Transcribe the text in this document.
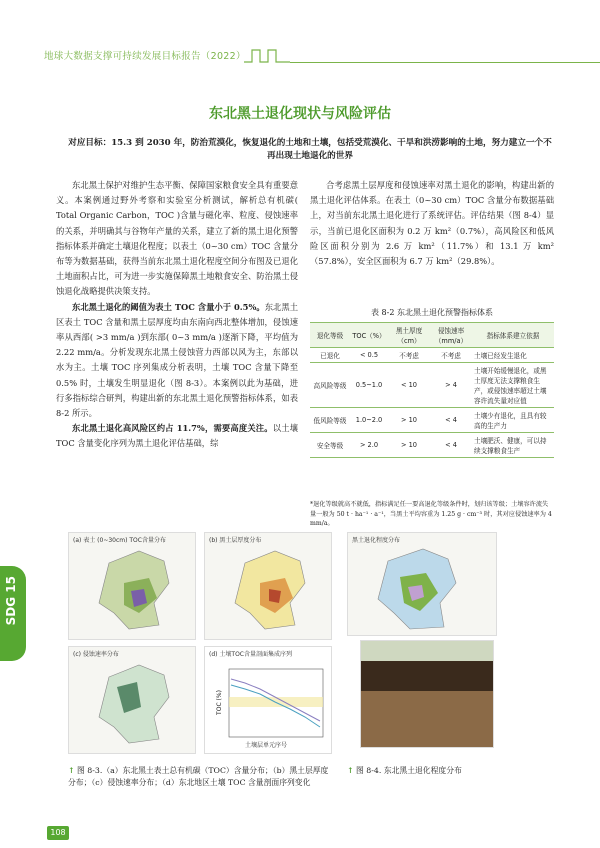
地球大数据支撑可持续发展目标报告（2022）
东北黑土退化现状与风险评估
对应目标：15.3 到 2030 年，防治荒漠化，恢复退化的土地和土壤，包括受荒漠化、干旱和洪涝影响的土地，努力建立一个不再出现土地退化的世界

东北黑土保护对维护生态平衡、保障国家粮食安全具有重要意义。本案例通过野外考察和实验室分析测试，解析总有机碳( Total Organic Carbon，TOC )含量与磁化率、粒度、侵蚀速率的关系，并明确其与谷物年产量的关系，建立了新的黑土退化预警指标体系并确定土壤退化程度；以表土（0~30 cm）TOC 含量分布等为数据基础，获得当前东北黑土退化程度空间分布图及已退化土地面积占比，可为进一步实施保障黑土地粮食安全、防治黑土侵蚀退化战略提供决策支持。

东北黑土退化的阈值为表土 TOC 含量小于 0.5%。东北黑土区表土 TOC 含量和黑土层厚度均由东南向西北整体增加，侵蚀速率从西部( >3 mm/a )到东部( 0~3 mm/a )逐渐下降，平均值为 2.22 mm/a。分析发现东北黑土侵蚀营力西部以风为主，东部以水为主。土壤 TOC 序列集成分析表明，土壤 TOC 含量下降至 0.5% 时，土壤发生明显退化（图 8-3）。本案例以此为基础，进行多指标综合研判，构建出新的东北黑土退化预警指标体系，如表 8-2 所示。

东北黑土退化高风险区约占 11.7%，需要高度关注。以土壤 TOC 含量变化序列为黑土退化评估基础，综

合考虑黑土层厚度和侵蚀速率对黑土退化的影响，构建出新的黑土退化评估体系。在表土（0~30 cm）TOC 含量分布数据基础上，对当前东北黑土退化进行了系统评估。评估结果（图 8-4）显示，当前已退化区面积为 0.2 万 km²（0.7%），高风险区和低风险区面积分别为 2.6 万 km²（11.7%）和 13.1 万 km²（57.8%），安全区面积为 6.7 万 km²（29.8%）。

表 8-2 东北黑土退化预警指标体系
退化等级	TOC（%）	黑土厚度（cm）	侵蚀速率（mm/a）	指标体系建立依据
已退化	< 0.5	不考虑	不考虑	土壤已经发生退化
高风险等级	0.5~1.0	< 10	> 4	土壤开始缓慢退化，或黑土厚度无法支撑粮食生产，或侵蚀速率超过土壤容许流失量对应值
低风险等级	1.0~2.0	> 10	< 4	土壤少有退化，且具有较高的生产力
安全等级	> 2.0	> 10	< 4	土壤肥沃、健康，可以持续支撑粮食生产
*退化等级就高不就低，指标满足任一要高退化等级条件时，划归该等级；土壤容许流失量一般为 50 t · ha⁻¹ · a⁻¹，当黑土平均容重为 1.25 g · cm⁻³ 时，其对应侵蚀速率为 4 mm/a。
(a) 表土 (0~30cm) TOC含量分布	(b) 黑土层厚度分布
(c) 侵蚀速率分布	(d) 土壤TOC含量剖面集成序列
土壤层单元序号
TOC (%)
↑ 图 8-3.（a）东北黑土表土总有机碳（TOC）含量分布；（b）黑土层厚度分布；（c）侵蚀速率分布；（d）东北地区土壤 TOC 含量剖面序列变化
黑土退化程度分布
↑ 图 8-4. 东北黑土退化程度分布
SDG 15
108
